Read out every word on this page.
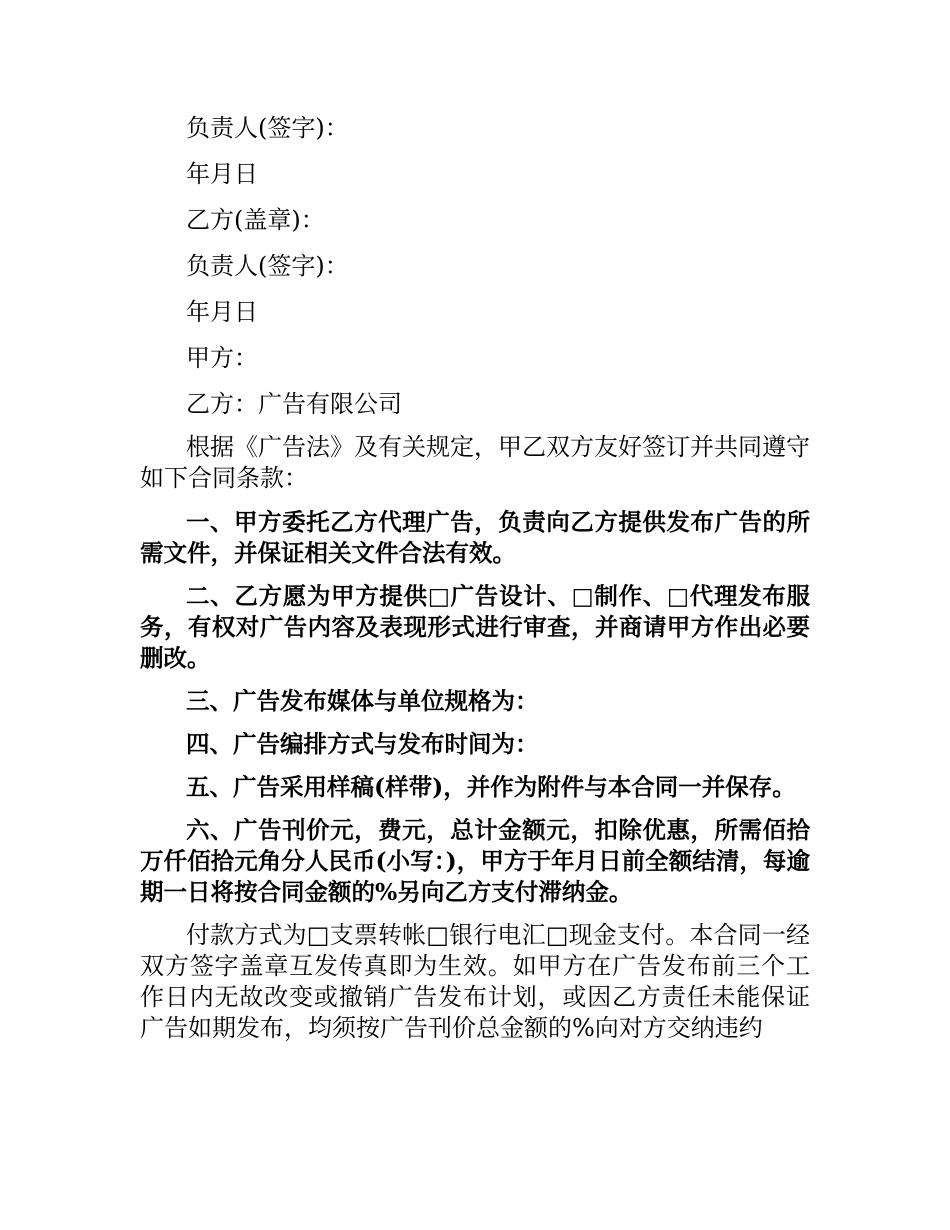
负责人(签字)：
年月日
乙方(盖章)：
负责人(签字)：
年月日
甲方：
乙方：广告有限公司

根据《广告法》及有关规定，甲乙双方友好签订并共同遵守如下合同条款：

一、甲方委托乙方代理广告，负责向乙方提供发布广告的所需文件，并保证相关文件合法有效。

二、乙方愿为甲方提供□广告设计、□制作、□代理发布服务，有权对广告内容及表现形式进行审查，并商请甲方作出必要删改。

三、广告发布媒体与单位规格为：

四、广告编排方式与发布时间为：

五、广告采用样稿(样带)，并作为附件与本合同一并保存。

六、广告刊价元，费元，总计金额元，扣除优惠，所需佰拾万仟佰拾元角分人民币(小写：)，甲方于年月日前全额结清，每逾期一日将按合同金额的%另向乙方支付滞纳金。

付款方式为□支票转帐□银行电汇□现金支付。本合同一经双方签字盖章互发传真即为生效。如甲方在广告发布前三个工作日内无故改变或撤销广告发布计划，或因乙方责任未能保证广告如期发布，均须按广告刊价总金额的%向对方交纳违约
